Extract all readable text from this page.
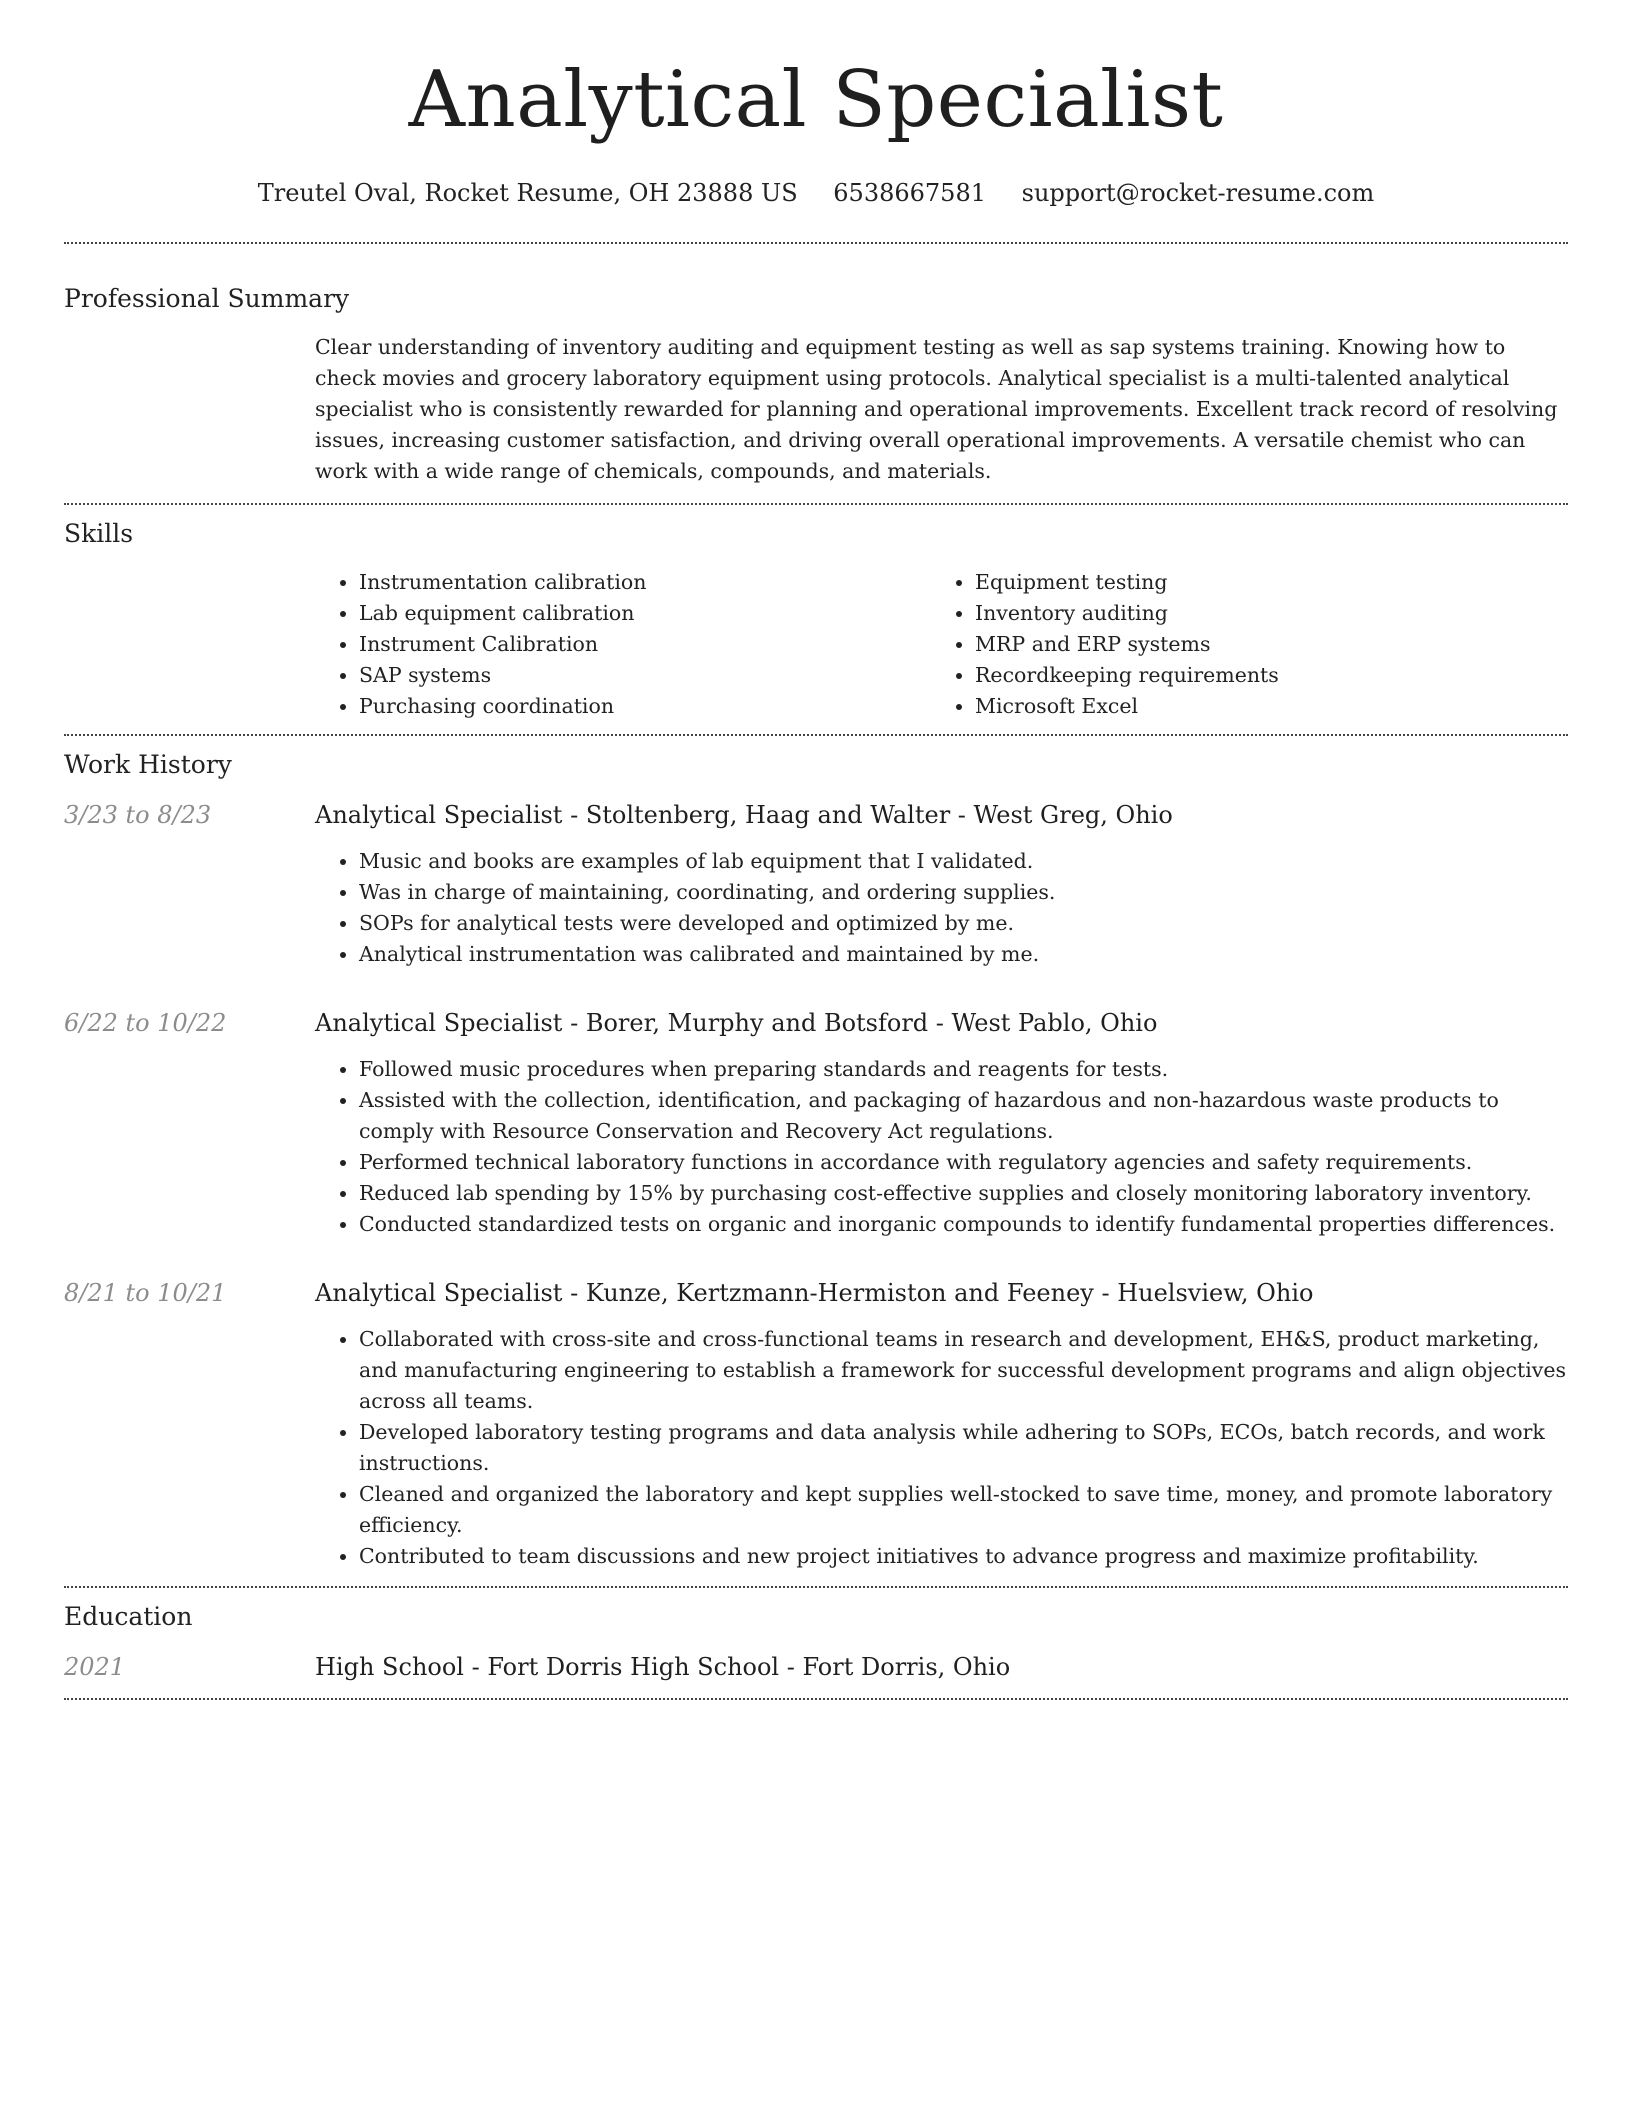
Analytical Specialist
Treutel Oval, Rocket Resume, OH 23888 US 6538667581 support@rocket-resume.com
Professional Summary
Clear understanding of inventory auditing and equipment testing as well as sap systems training. Knowing how to check movies and grocery laboratory equipment using protocols. Analytical specialist is a multi-talented analytical specialist who is consistently rewarded for planning and operational improvements. Excellent track record of resolving issues, increasing customer satisfaction, and driving overall operational improvements. A versatile chemist who can work with a wide range of chemicals, compounds, and materials.
Skills
• Instrumentation calibration
• Lab equipment calibration
• Instrument Calibration
• SAP systems
• Purchasing coordination
• Equipment testing
• Inventory auditing
• MRP and ERP systems
• Recordkeeping requirements
• Microsoft Excel
Work History
3/23 to 8/23	Analytical Specialist - Stoltenberg, Haag and Walter - West Greg, Ohio
• Music and books are examples of lab equipment that I validated.
• Was in charge of maintaining, coordinating, and ordering supplies.
• SOPs for analytical tests were developed and optimized by me.
• Analytical instrumentation was calibrated and maintained by me.
6/22 to 10/22	Analytical Specialist - Borer, Murphy and Botsford - West Pablo, Ohio
• Followed music procedures when preparing standards and reagents for tests.
• Assisted with the collection, identification, and packaging of hazardous and non-hazardous waste products to comply with Resource Conservation and Recovery Act regulations.
• Performed technical laboratory functions in accordance with regulatory agencies and safety requirements.
• Reduced lab spending by 15% by purchasing cost-effective supplies and closely monitoring laboratory inventory.
• Conducted standardized tests on organic and inorganic compounds to identify fundamental properties differences.
8/21 to 10/21	Analytical Specialist - Kunze, Kertzmann-Hermiston and Feeney - Huelsview, Ohio
• Collaborated with cross-site and cross-functional teams in research and development, EH&S, product marketing, and manufacturing engineering to establish a framework for successful development programs and align objectives across all teams.
• Developed laboratory testing programs and data analysis while adhering to SOPs, ECOs, batch records, and work instructions.
• Cleaned and organized the laboratory and kept supplies well-stocked to save time, money, and promote laboratory efficiency.
• Contributed to team discussions and new project initiatives to advance progress and maximize profitability.
Education
2021	High School - Fort Dorris High School - Fort Dorris, Ohio
